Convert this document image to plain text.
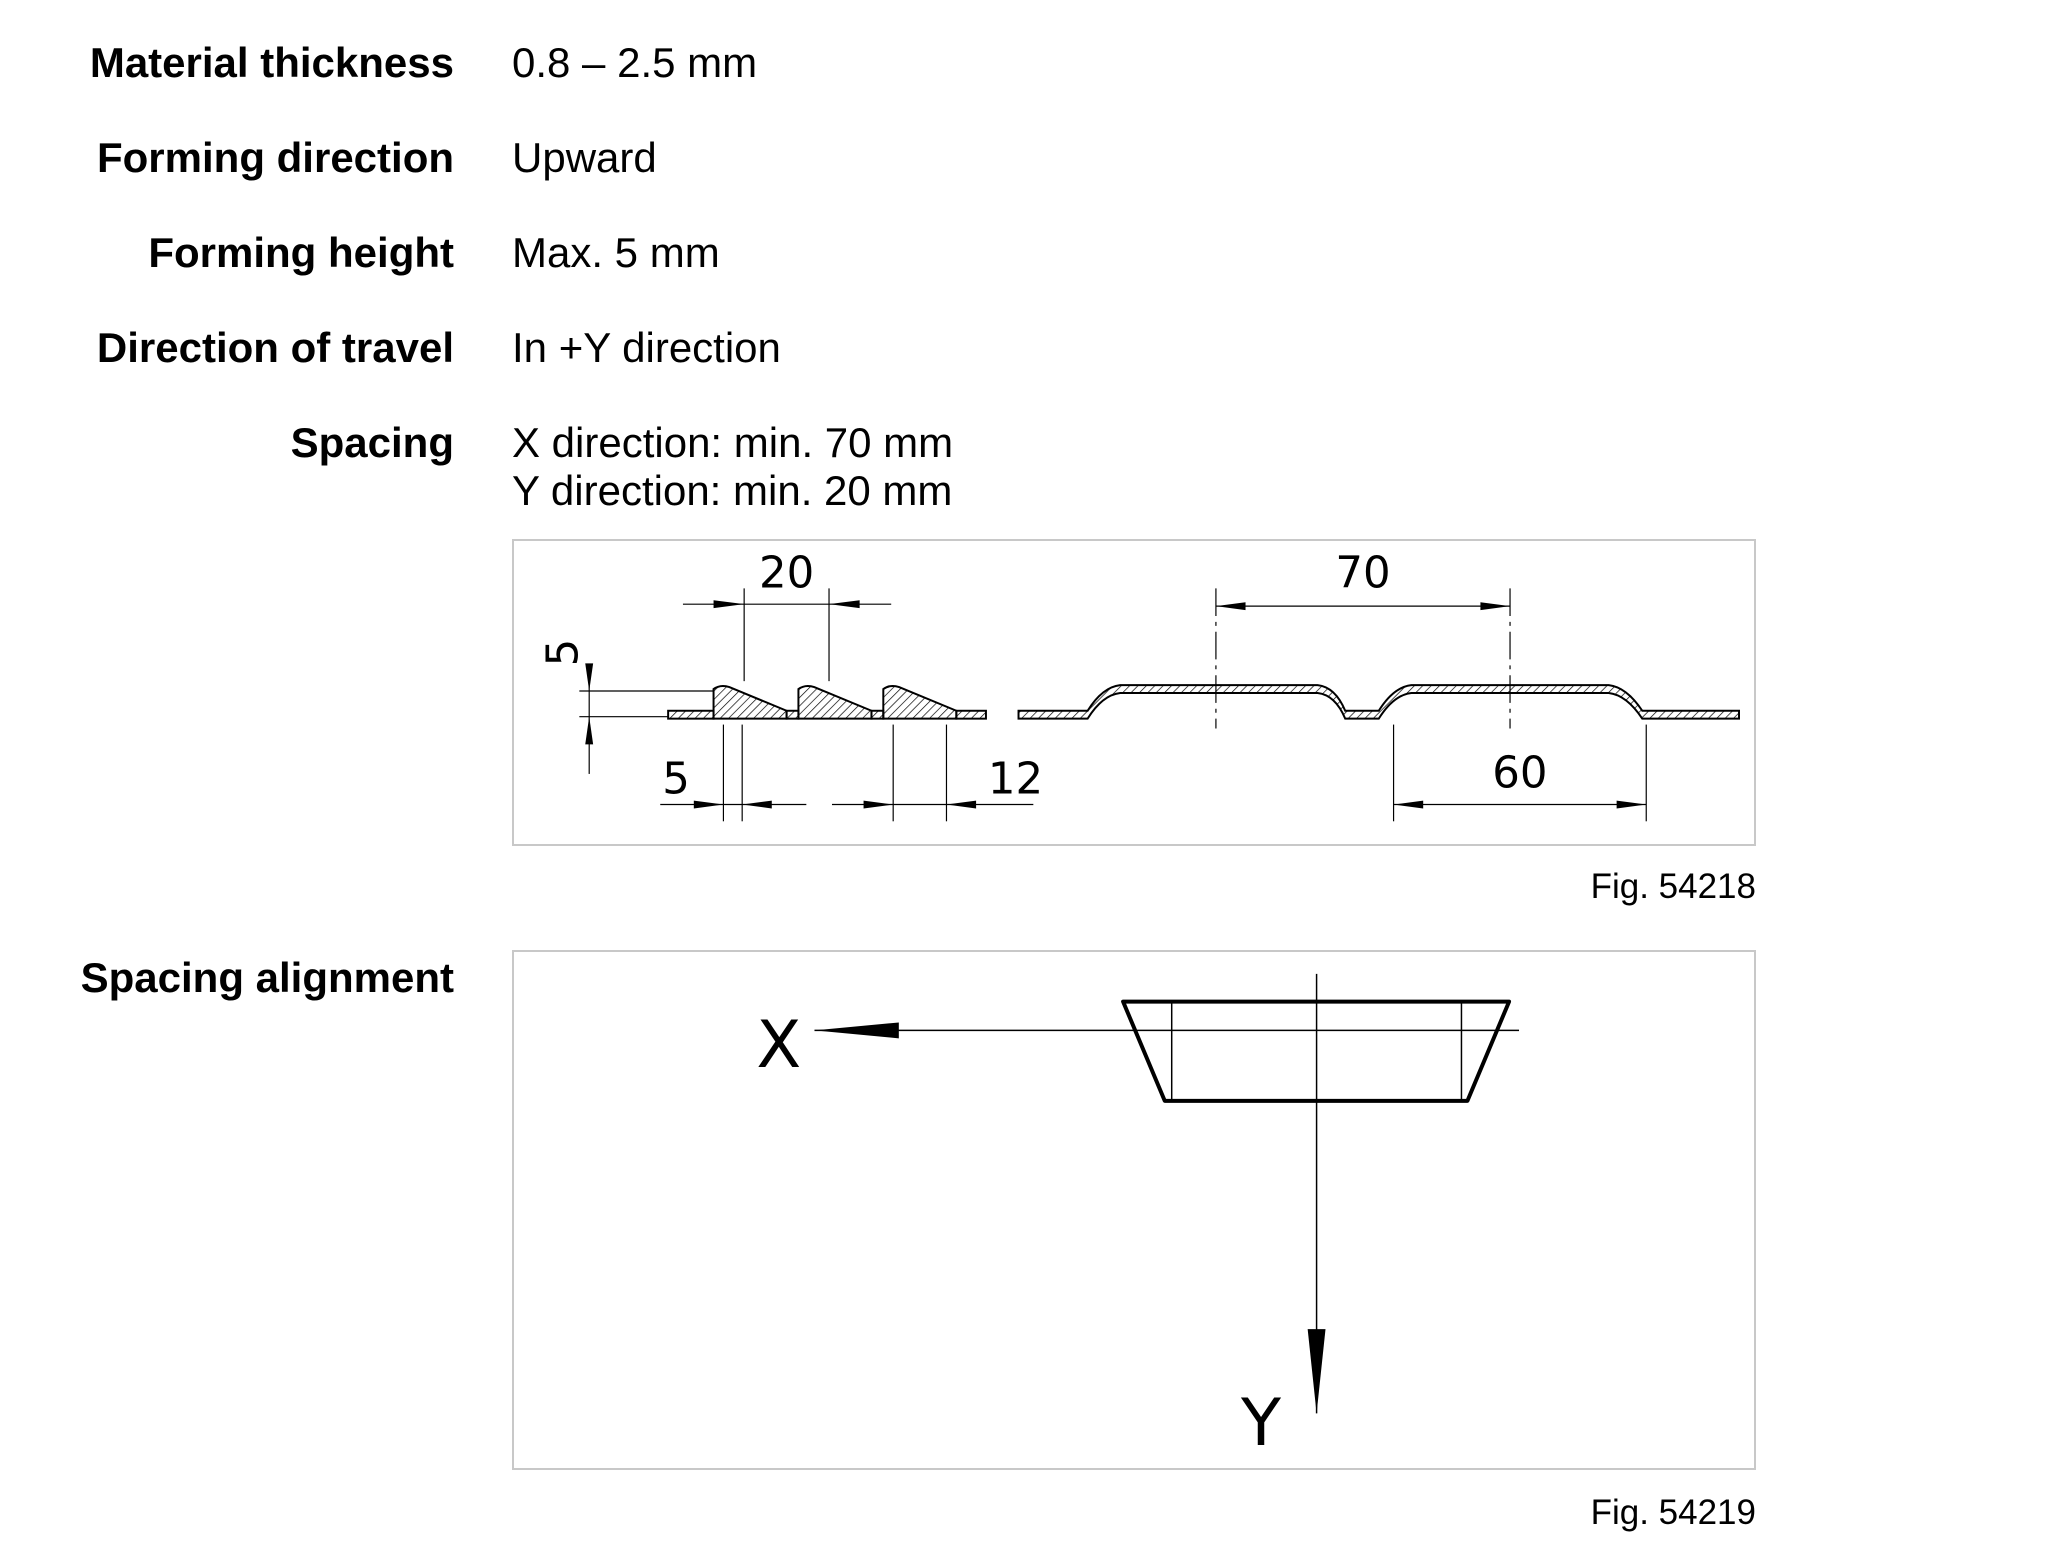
Material thickness 0.8 – 2.5 mm
Forming direction Upward
Forming height Max. 5 mm
Direction of travel In +Y direction
Spacing X direction: min. 70 mm
Y direction: min. 20 mm
20
5
5	12
70
60
Fig. 54218
Spacing alignment
X
Y
Fig. 54219
